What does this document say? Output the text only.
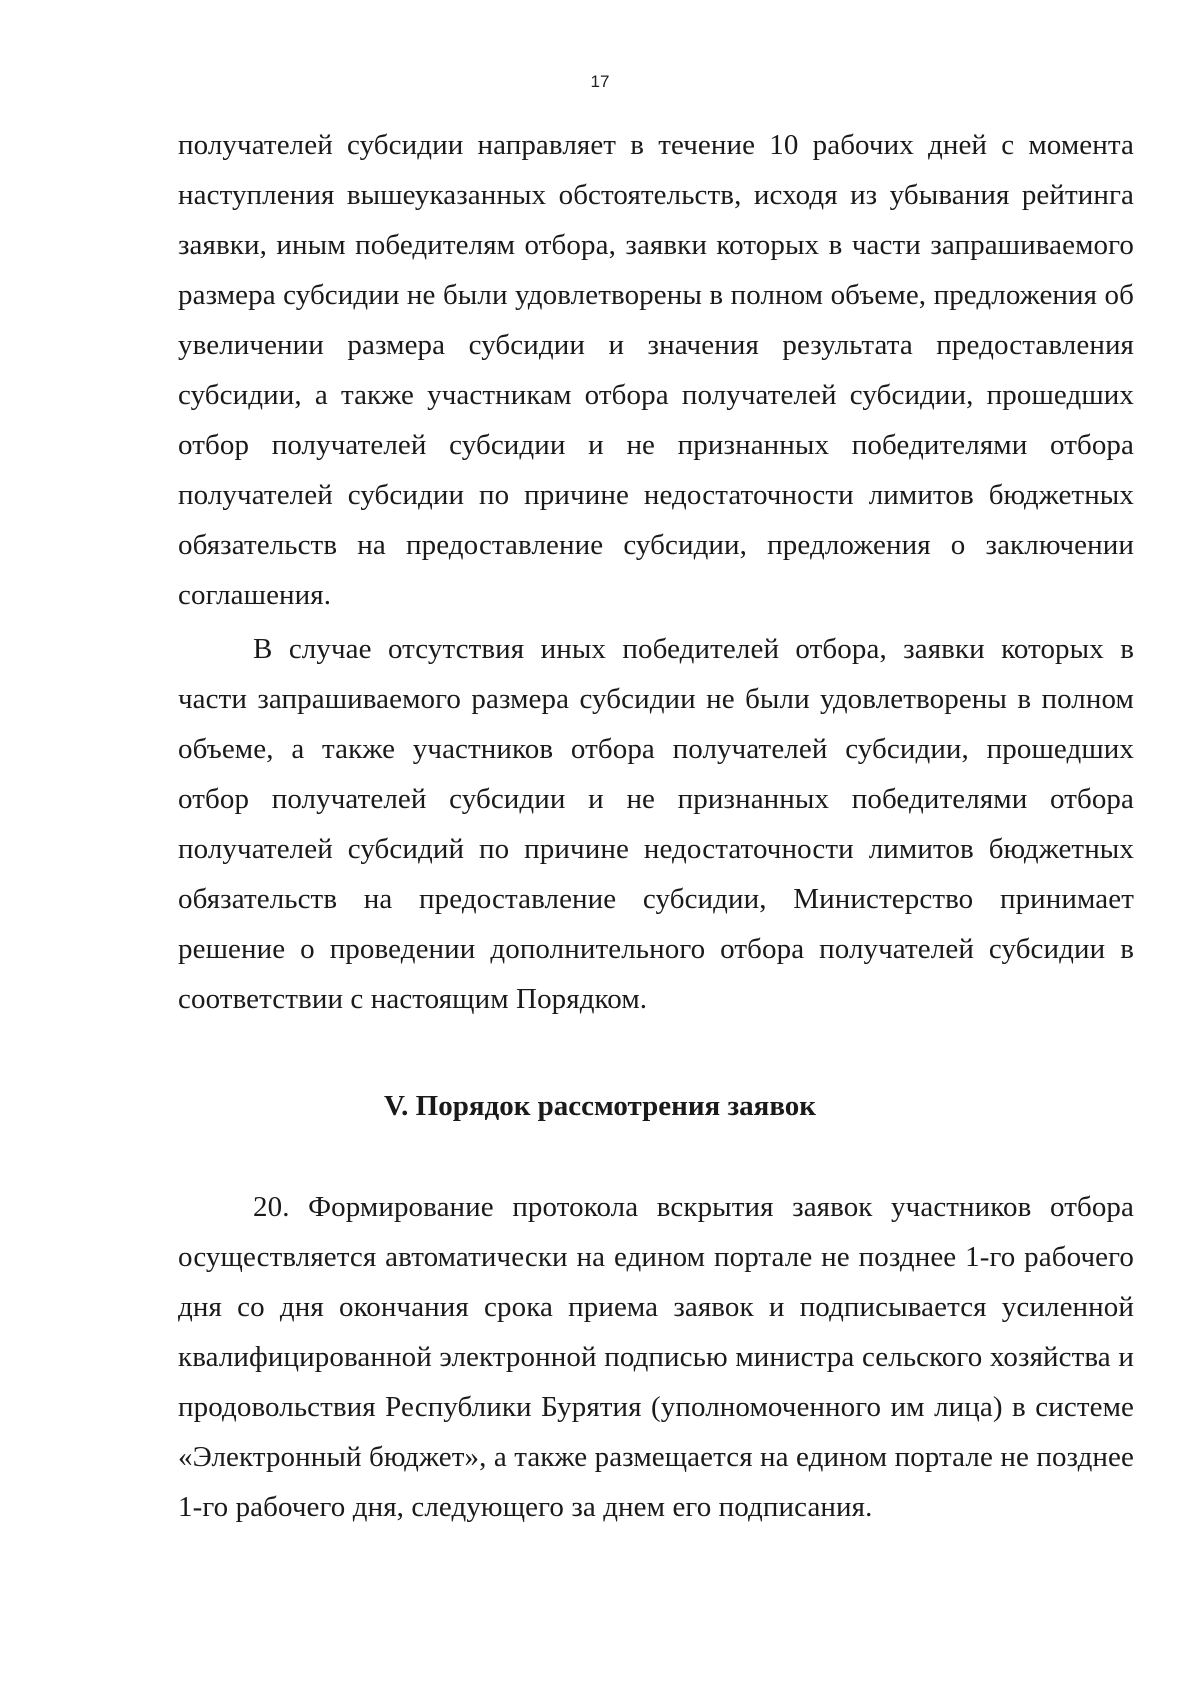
17
получателей субсидии направляет в течение 10 рабочих дней с момента наступления вышеуказанных обстоятельств, исходя из убывания рейтинга заявки, иным победителям отбора, заявки которых в части запрашиваемого размера субсидии не были удовлетворены в полном объеме, предложения об увеличении размера субсидии и значения результата предоставления субсидии, а также участникам отбора получателей субсидии, прошедших отбор получателей субсидии и не признанных победителями отбора получателей субсидии по причине недостаточности лимитов бюджетных обязательств на предоставление субсидии, предложения о заключении соглашения.
В случае отсутствия иных победителей отбора, заявки которых в части запрашиваемого размера субсидии не были удовлетворены в полном объеме, а также участников отбора получателей субсидии, прошедших отбор получателей субсидии и не признанных победителями отбора получателей субсидий по причине недостаточности лимитов бюджетных обязательств на предоставление субсидии, Министерство принимает решение о проведении дополнительного отбора получателей субсидии в соответствии с настоящим Порядком.
V. Порядок рассмотрения заявок
20. Формирование протокола вскрытия заявок участников отбора осуществляется автоматически на едином портале не позднее 1-го рабочего дня со дня окончания срока приема заявок и подписывается усиленной квалифицированной электронной подписью министра сельского хозяйства и продовольствия Республики Бурятия (уполномоченного им лица) в системе «Электронный бюджет», а также размещается на едином портале не позднее 1-го рабочего дня, следующего за днем его подписания.
